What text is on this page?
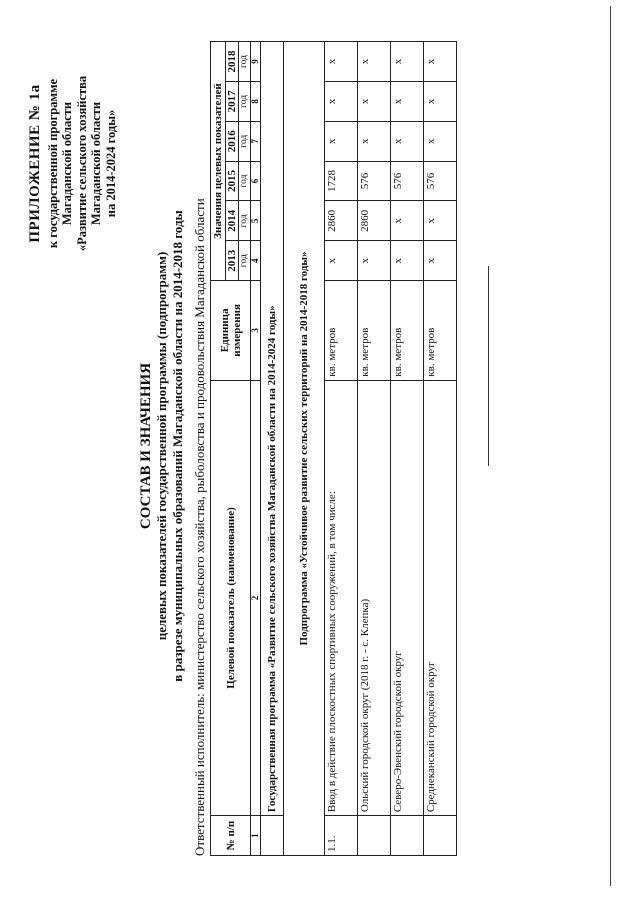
ПРИЛОЖЕНИЕ № 1а к государственной программе Магаданской области «Развитие сельского хозяйства Магаданской области на 2014-2024 годы»
СОСТАВ И ЗНАЧЕНИЯ целевых показателей государственной программы (подпрограмм) в разрезе муниципальных образований Магаданской области на 2014-2018 годы Ответственный исполнитель: министерство сельского хозяйства, рыболовства и продовольствия Магаданской области № п/п	Целевой показатель (наименование)	Единица измерения	Значения целевых показателей					
			2013	2014	2015	2016	2017	2018
			год	год	год	год	год	год
1	2	3	4	5	6	7	8	9
	Государственная программа «Развитие сельского хозяйства Магаданской области на 2014-2024 годы»							
Подпрограмма «Устойчивое развитие сельских территорий на 2014-2018 годы»								
1.1.	Ввод в действие плоскостных спортивных сооружений, в том числе:	кв. метров	х	2860	1728	х	х	х
	Ольский городской округ (2018 г. - с. Клепка)	кв. метров	х	2860	576	х	х	х
	Северо-Эвенский городской округ	кв. метров	х	х	576	х	х	х
	Среднеканский городской округ	кв. метров	х	х	576	х	х	х
